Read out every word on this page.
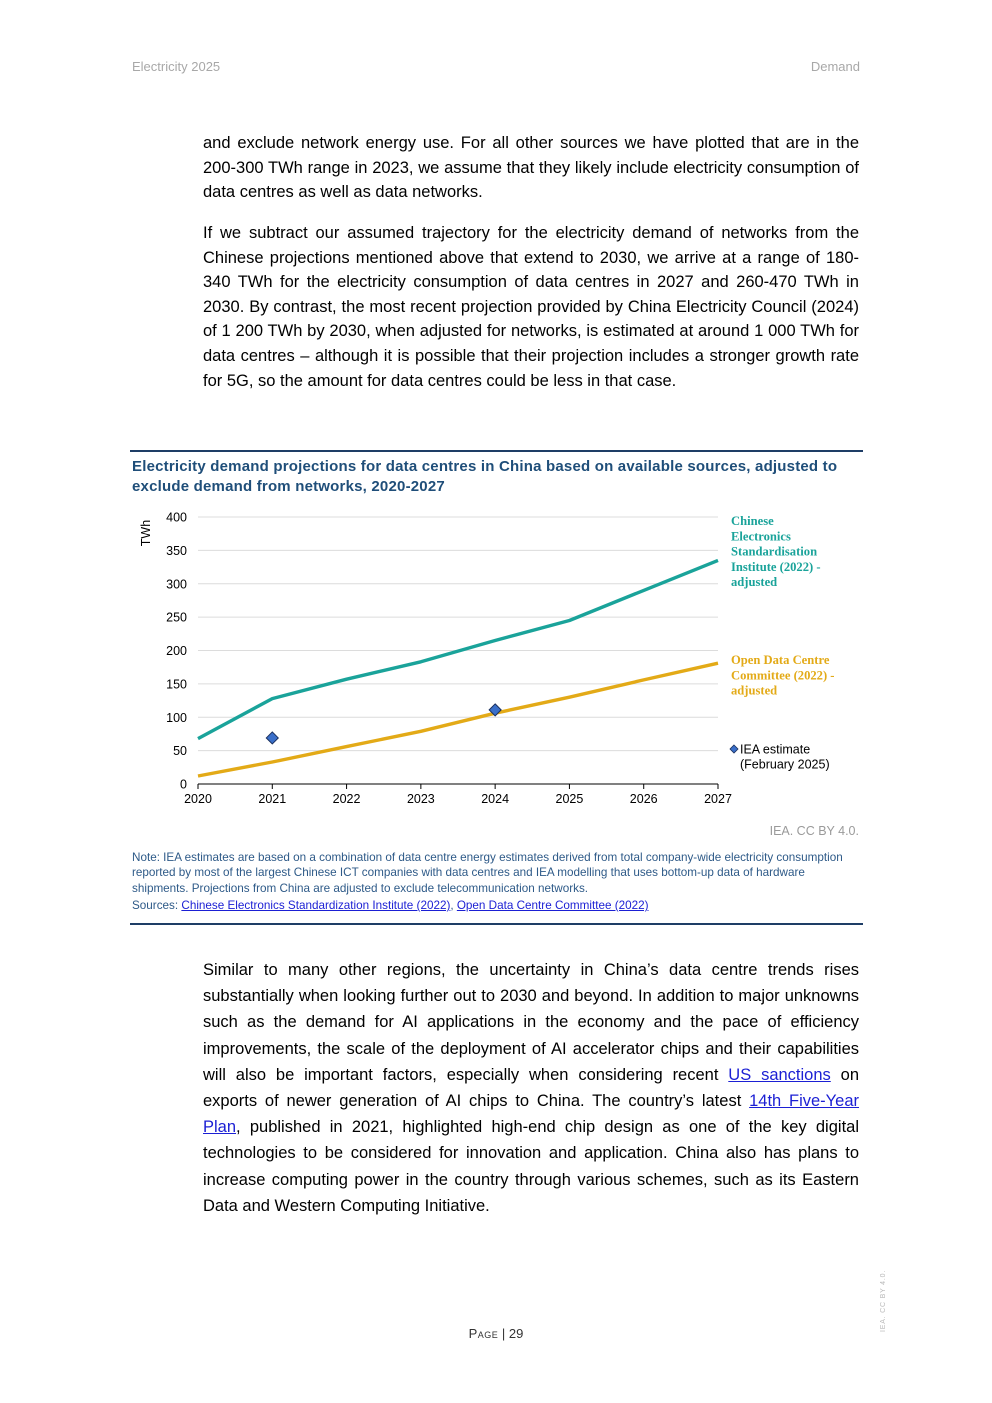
Electricity 2025	Demand

and exclude network energy use. For all other sources we have plotted that are in the 200-300 TWh range in 2023, we assume that they likely include electricity consumption of data centres as well as data networks.

If we subtract our assumed trajectory for the electricity demand of networks from the Chinese projections mentioned above that extend to 2030, we arrive at a range of 180-340 TWh for the electricity consumption of data centres in 2027 and 260-470 TWh in 2030. By contrast, the most recent projection provided by China Electricity Council (2024) of 1 200 TWh by 2030, when adjusted for networks, is estimated at around 1 000 TWh for data centres – although it is possible that their projection includes a stronger growth rate for 5G, so the amount for data centres could be less in that case.

Electricity demand projections for data centres in China based on available sources, adjusted to exclude demand from networks, 2020-2027
0
50
100
150
200
250
300
350
400
2020	2021	2022	2023	2024	2025	2026	2027
TWh	Chinese
Electronics
Standardisation
Institute (2022) -
adjusted
Open Data Centre
Committee (2022) -
adjusted
IEA estimate
(February 2025)
IEA. CC BY 4.0.

Note: IEA estimates are based on a combination of data centre energy estimates derived from total company-wide electricity consumption reported by most of the largest Chinese ICT companies with data centres and IEA modelling that uses bottom-up data of hardware shipments. Projections from China are adjusted to exclude telecommunication networks.

Sources: Chinese Electronics Standardization Institute (2022), Open Data Centre Committee (2022)

Similar to many other regions, the uncertainty in China’s data centre trends rises substantially when looking further out to 2030 and beyond. In addition to major unknowns such as the demand for AI applications in the economy and the pace of efficiency improvements, the scale of the deployment of AI accelerator chips and their capabilities will also be important factors, especially when considering recent US sanctions on exports of newer generation of AI chips to China. The country’s latest 14th Five-Year Plan, published in 2021, highlighted high-end chip design as one of the key digital technologies to be considered for innovation and application. China also has plans to increase computing power in the country through various schemes, such as its Eastern Data and Western Computing Initiative.

Page | 29
IEA. CC BY 4.0.
